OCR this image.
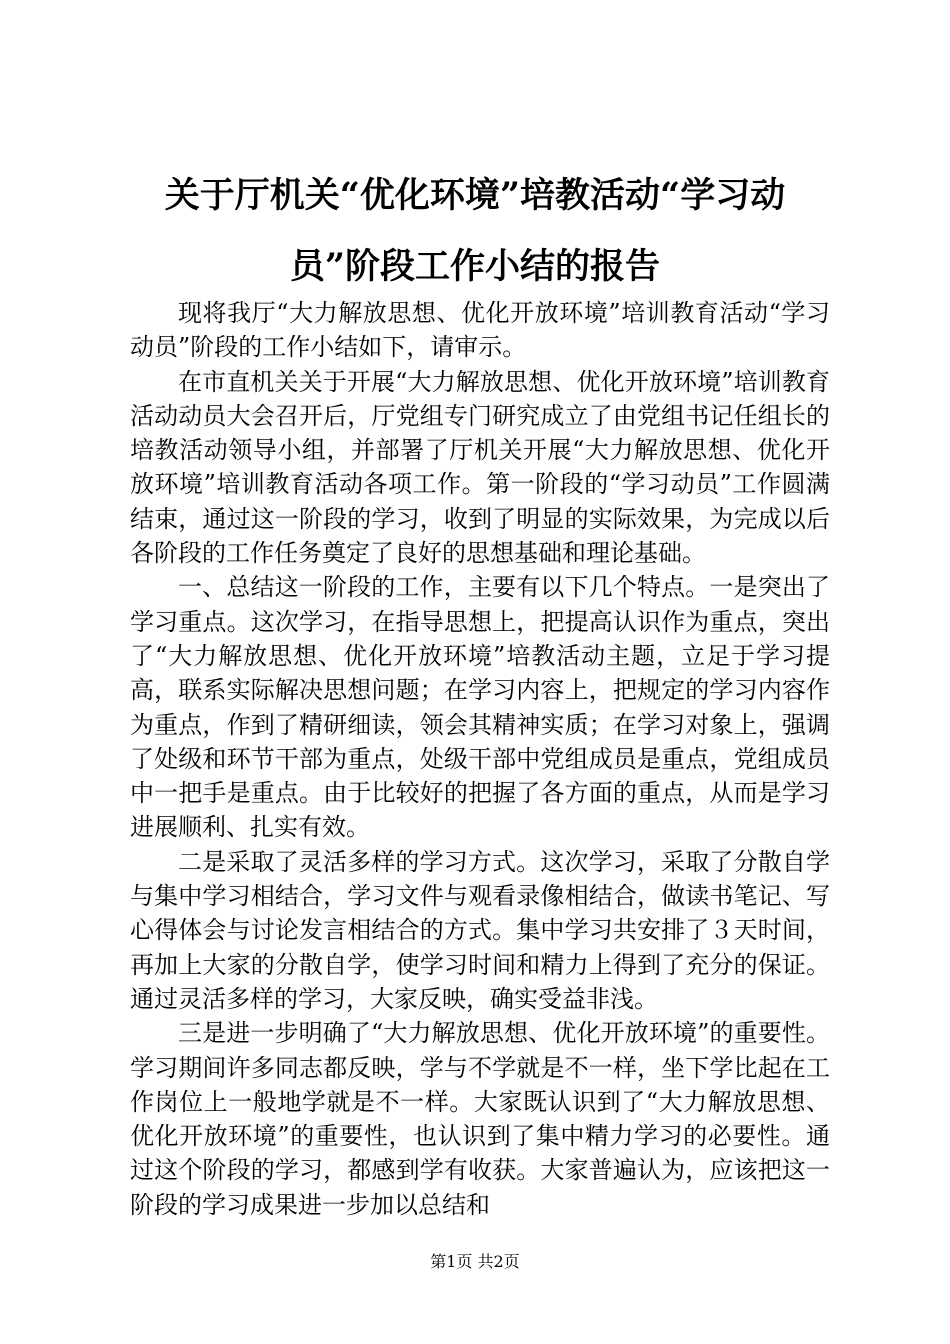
关于厅机关“优化环境”培教活动“学习动员”阶段工作小结的报告

现将我厅“大力解放思想、优化开放环境”培训教育活动“学习动员”阶段的工作小结如下，请审示。

在市直机关关于开展“大力解放思想、优化开放环境”培训教育活动动员大会召开后，厅党组专门研究成立了由党组书记任组长的培教活动领导小组，并部署了厅机关开展“大力解放思想、优化开放环境”培训教育活动各项工作。第一阶段的“学习动员”工作圆满结束，通过这一阶段的学习，收到了明显的实际效果，为完成以后各阶段的工作任务奠定了良好的思想基础和理论基础。

一、总结这一阶段的工作，主要有以下几个特点。一是突出了学习重点。这次学习，在指导思想上，把提高认识作为重点，突出了“大力解放思想、优化开放环境”培教活动主题，立足于学习提高，联系实际解决思想问题；在学习内容上，把规定的学习内容作为重点，作到了精研细读，领会其精神实质；在学习对象上，强调了处级和环节干部为重点，处级干部中党组成员是重点，党组成员中一把手是重点。由于比较好的把握了各方面的重点，从而是学习进展顺利、扎实有效。

二是采取了灵活多样的学习方式。这次学习，采取了分散自学与集中学习相结合，学习文件与观看录像相结合，做读书笔记、写心得体会与讨论发言相结合的方式。集中学习共安排了３天时间，再加上大家的分散自学，使学习时间和精力上得到了充分的保证。通过灵活多样的学习，大家反映，确实受益非浅。

三是进一步明确了“大力解放思想、优化开放环境”的重要性。学习期间许多同志都反映，学与不学就是不一样，坐下学比起在工作岗位上一般地学就是不一样。大家既认识到了“大力解放思想、优化开放环境”的重要性，也认识到了集中精力学习的必要性。通过这个阶段的学习，都感到学有收获。大家普遍认为，应该把这一阶段的学习成果进一步加以总结和

第1页 共2页
